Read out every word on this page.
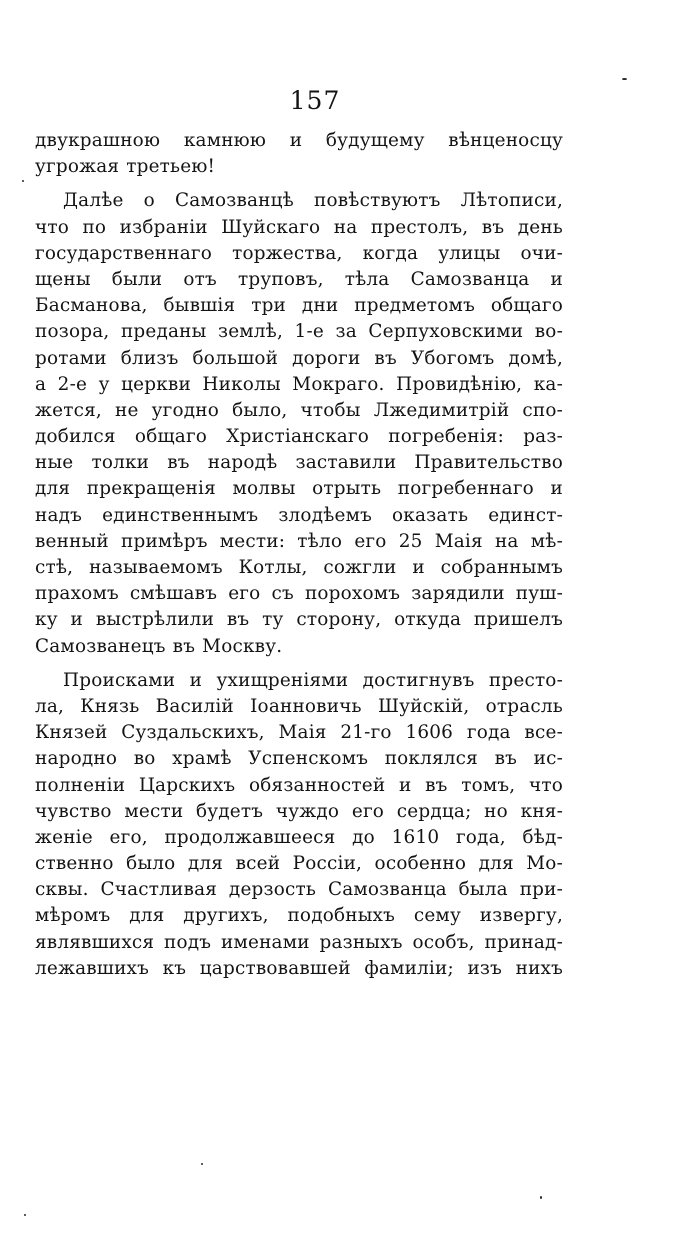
157
двукрашною камнюю и будущему вѣнценосцу
угрожая третьею!
Далѣе о Самозванцѣ повѣствуютъ Лѣтописи,
что по избраніи Шуйскаго на престолъ, въ день
государственнаго торжества, когда улицы очи-
щены были отъ труповъ, тѣла Самозванца и
Басманова, бывшія три дни предметомъ общаго
позора, преданы землѣ, 1-е за Серпуховскими во-
ротами близъ большой дороги въ Убогомъ домѣ,
а 2-е у церкви Николы Мокраго. Провидѣнію, ка-
жется, не угодно было, чтобы Лжедимитрій спо-
добился общаго Христіанскаго погребенія: раз-
ные толки въ народѣ заставили Правительство
для прекращенія молвы отрыть погребеннаго и
надъ единственнымъ злодѣемъ оказать единст-
венный примѣръ мести: тѣло его 25 Маія на мѣ-
стѣ, называемомъ Котлы, сожгли и собраннымъ
прахомъ смѣшавъ его съ порохомъ зарядили пуш-
ку и выстрѣлили въ ту сторону, откуда пришелъ
Самозванецъ въ Москву.
Происками и ухищреніями достигнувъ престо-
ла, Князь Василій Іоанновичь Шуйскій, отрасль
Князей Суздальскихъ, Маія 21-го 1606 года все-
народно во храмѣ Успенскомъ поклялся въ ис-
полненіи Царскихъ обязанностей и въ томъ, что
чувство мести будетъ чуждо его сердца; но кня-
женіе его, продолжавшееся до 1610 года, бѣд-
ственно было для всей Россіи, особенно для Мо-
сквы. Счастливая дерзость Самозванца была при-
мѣромъ для другихъ, подобныхъ сему извергу,
являвшихся подъ именами разныхъ особъ, принад-
лежавшихъ къ царствовавшей фамиліи; изъ нихъ
